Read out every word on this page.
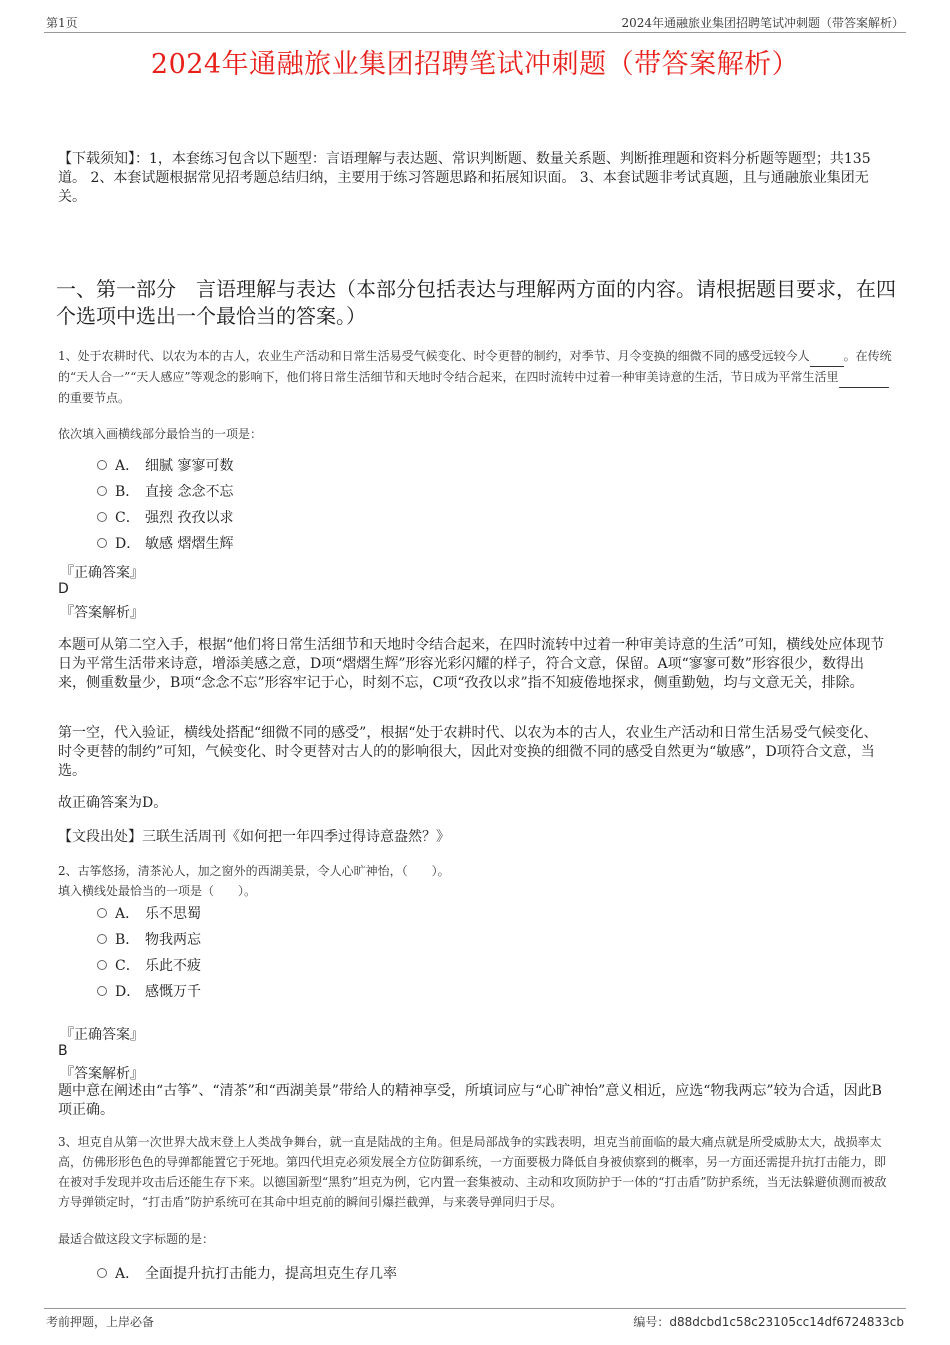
第1页	2024年通融旅业集团招聘笔试冲刺题（带答案解析）
2024年通融旅业集团招聘笔试冲刺题（带答案解析）
【下载须知】：1，本套练习包含以下题型：言语理解与表达题、常识判断题、数量关系题、判断推理题和资料分析题等题型；共135道。 2、本套试题根据常见招考题总结归纳，主要用于练习答题思路和拓展知识面。 3、本套试题非考试真题，且与通融旅业集团无关。
一、第一部分　言语理解与表达（本部分包括表达与理解两方面的内容。请根据题目要求，在四个选项中选出一个最恰当的答案。）
1、处于农耕时代、以农为本的古人，农业生产活动和日常生活易受气候变化、时令更替的制约，对季节、月令变换的细微不同的感受远较今人	。在传统的“天人合一”“天人感应”等观念的影响下，他们将日常生活细节和天地时令结合起来，在四时流转中过着一种审美诗意的生活，节日成为平常生活里 的重要节点。
依次填入画横线部分最恰当的一项是：
A． 细腻 寥寥可数
B． 直接 念念不忘
C． 强烈 孜孜以求
D． 敏感 熠熠生辉
『正确答案』
D
『答案解析』
本题可从第二空入手，根据“他们将日常生活细节和天地时令结合起来，在四时流转中过着一种审美诗意的生活”可知，横线处应体现节日为平常生活带来诗意，增添美感之意，D项“熠熠生辉”形容光彩闪耀的样子，符合文意，保留。A项“寥寥可数”形容很少，数得出来，侧重数量少，B项“念念不忘”形容牢记于心，时刻不忘，C项“孜孜以求”指不知疲倦地探求，侧重勤勉，均与文意无关，排除。
第一空，代入验证，横线处搭配“细微不同的感受”，根据“处于农耕时代、以农为本的古人，农业生产活动和日常生活易受气候变化、时令更替的制约”可知，气候变化、时令更替对古人的的影响很大，因此对变换的细微不同的感受自然更为“敏感”，D项符合文意，当选。
故正确答案为D。
【文段出处】三联生活周刊《如何把一年四季过得诗意盎然？》
2、古筝悠扬，清茶沁人，加之窗外的西湖美景，令人心旷神怡，（　　）。
填入横线处最恰当的一项是（　　）。
A． 乐不思蜀
B． 物我两忘
C． 乐此不疲
D． 感慨万千
『正确答案』
B
『答案解析』
题中意在阐述由“古筝”、“清茶”和“西湖美景”带给人的精神享受，所填词应与“心旷神怡”意义相近，应选“物我两忘”较为合适，因此B项正确。
3、坦克自从第一次世界大战末登上人类战争舞台，就一直是陆战的主角。但是局部战争的实践表明，坦克当前面临的最大痛点就是所受威胁太大，战损率太高，仿佛形形色色的导弹都能置它于死地。第四代坦克必须发展全方位防御系统，一方面要极力降低自身被侦察到的概率，另一方面还需提升抗打击能力，即在被对手发现并攻击后还能生存下来。以德国新型“黑豹”坦克为例，它内置一套集被动、主动和攻顶防护于一体的“打击盾”防护系统，当无法躲避侦测而被敌方导弹锁定时，“打击盾”防护系统可在其命中坦克前的瞬间引爆拦截弹，与来袭导弹同归于尽。
最适合做这段文字标题的是：
A． 全面提升抗打击能力，提高坦克生存几率
考前押题，上岸必备	编号：d88dcbd1c58c23105cc14df6724833cb
